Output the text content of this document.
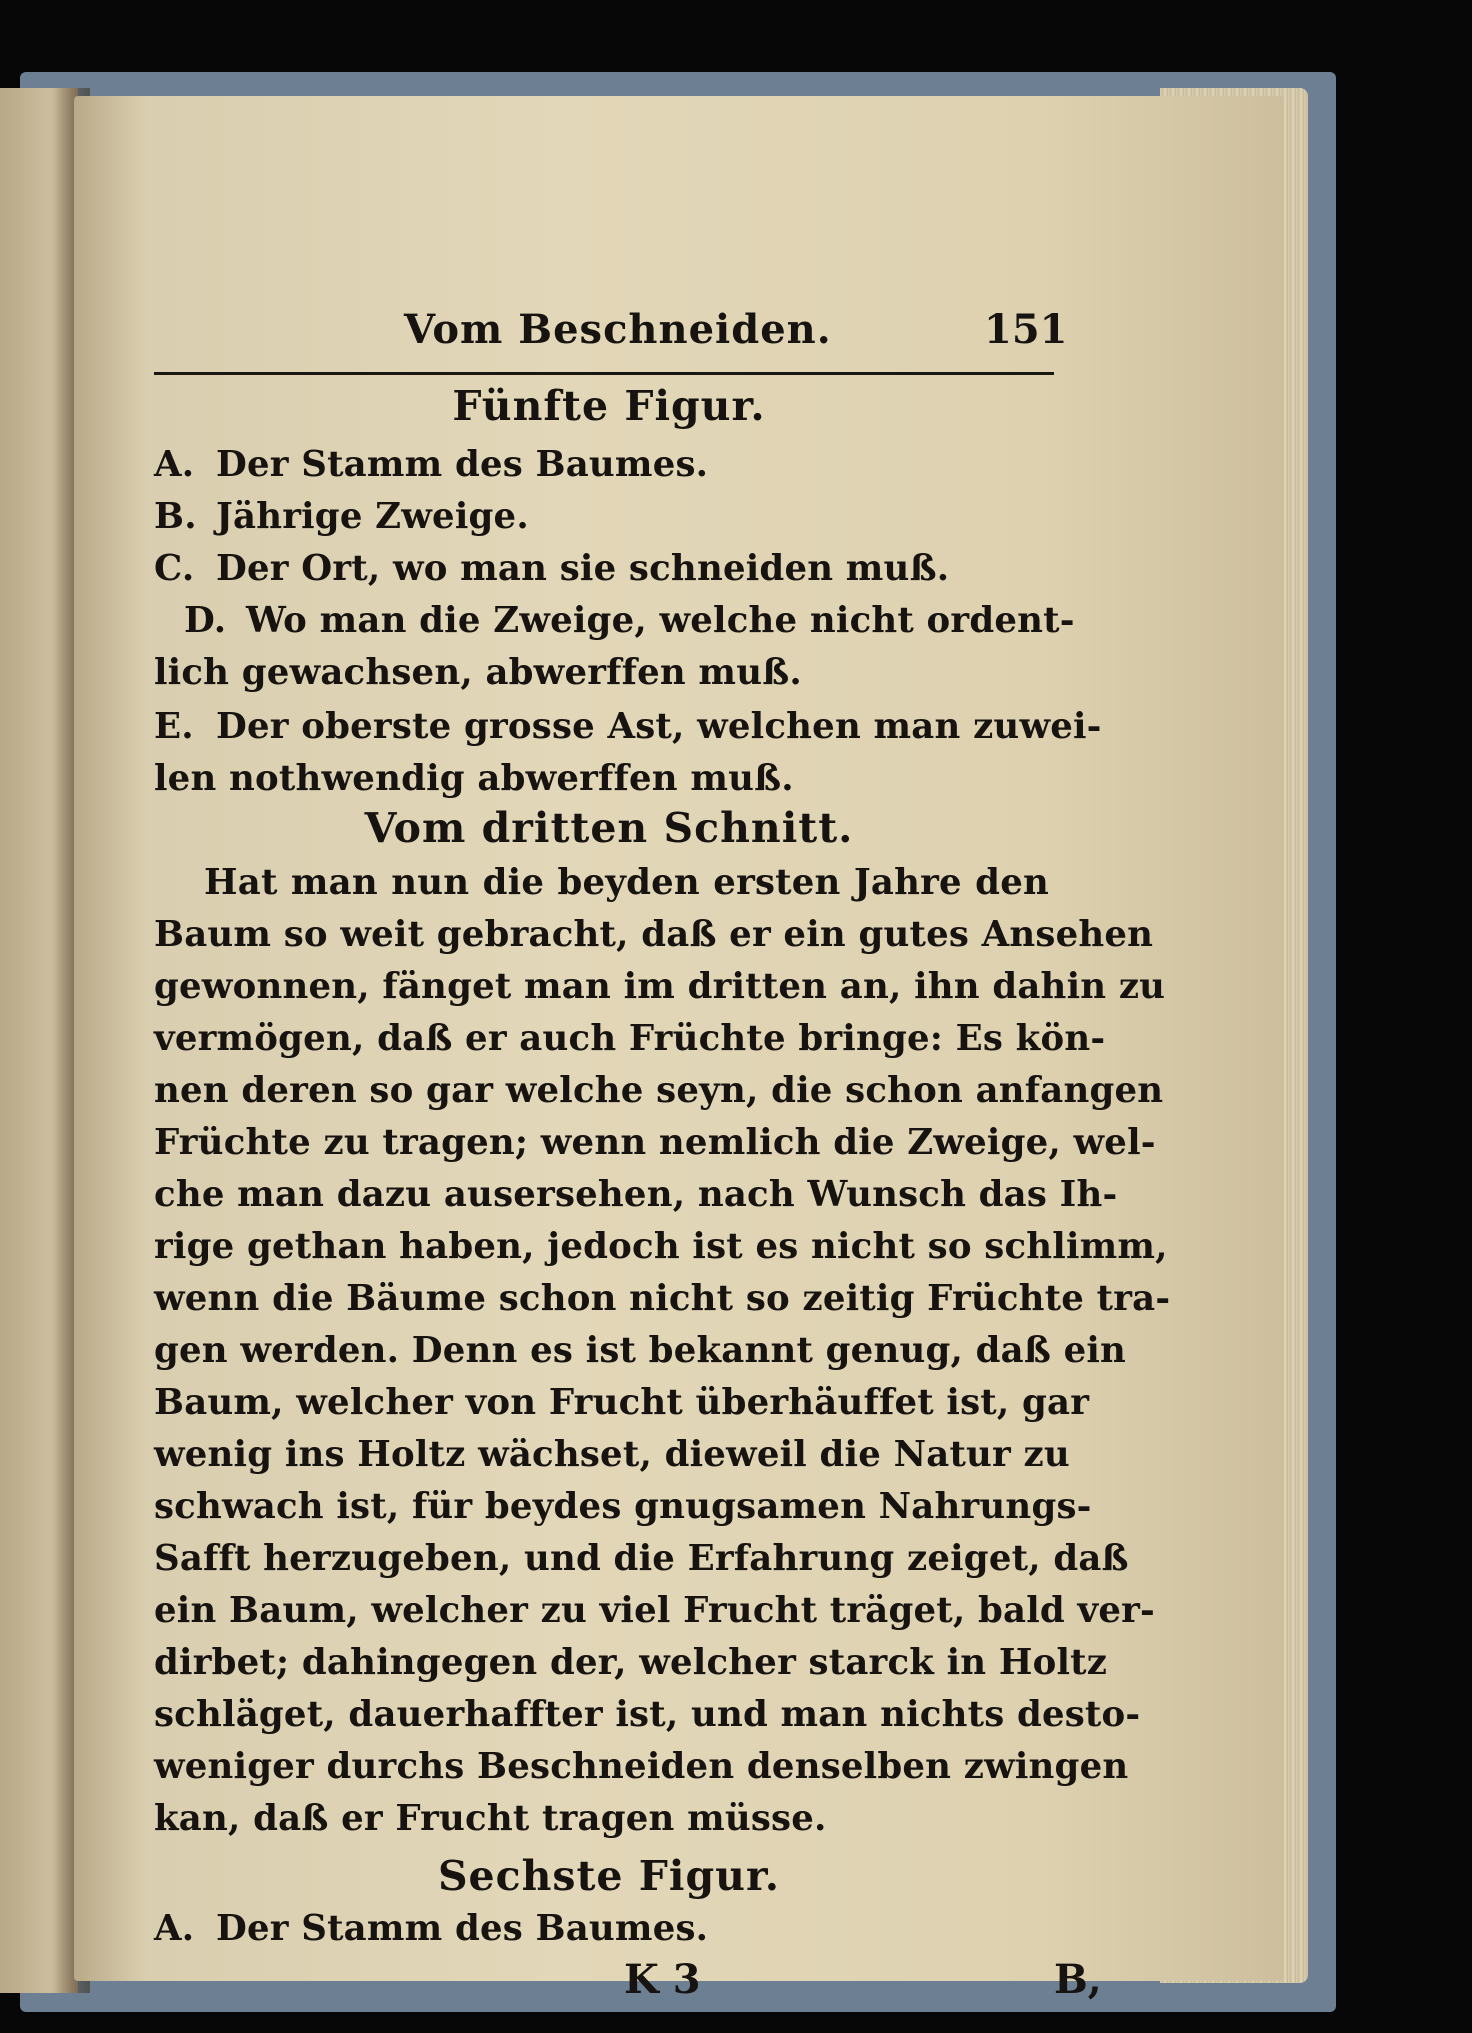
Vom Beschneiden.	151
Fünfte Figur.
A. Der Stamm des Baumes.
B. Jährige Zweige.
C. Der Ort, wo man sie schneiden muß.
D. Wo man die Zweige, welche nicht ordent-
lich gewachsen, abwerffen muß.
E. Der oberste grosse Ast, welchen man zuwei-
len nothwendig abwerffen muß.
Vom dritten Schnitt.
Hat man nun die beyden ersten Jahre den
Baum so weit gebracht, daß er ein gutes Ansehen
gewonnen, fänget man im dritten an, ihn dahin zu
vermögen, daß er auch Früchte bringe: Es kön-
nen deren so gar welche seyn, die schon anfangen
Früchte zu tragen; wenn nemlich die Zweige, wel-
che man dazu ausersehen, nach Wunsch das Ih-
rige gethan haben, jedoch ist es nicht so schlimm,
wenn die Bäume schon nicht so zeitig Früchte tra-
gen werden. Denn es ist bekannt genug, daß ein
Baum, welcher von Frucht überhäuffet ist, gar
wenig ins Holtz wächset, dieweil die Natur zu
schwach ist, für beydes gnugsamen Nahrungs-
Safft herzugeben, und die Erfahrung zeiget, daß
ein Baum, welcher zu viel Frucht träget, bald ver-
dirbet; dahingegen der, welcher starck in Holtz
schläget, dauerhaffter ist, und man nichts desto-
weniger durchs Beschneiden denselben zwingen
kan, daß er Frucht tragen müsse.
Sechste Figur.
A. Der Stamm des Baumes.
K 3	B,
